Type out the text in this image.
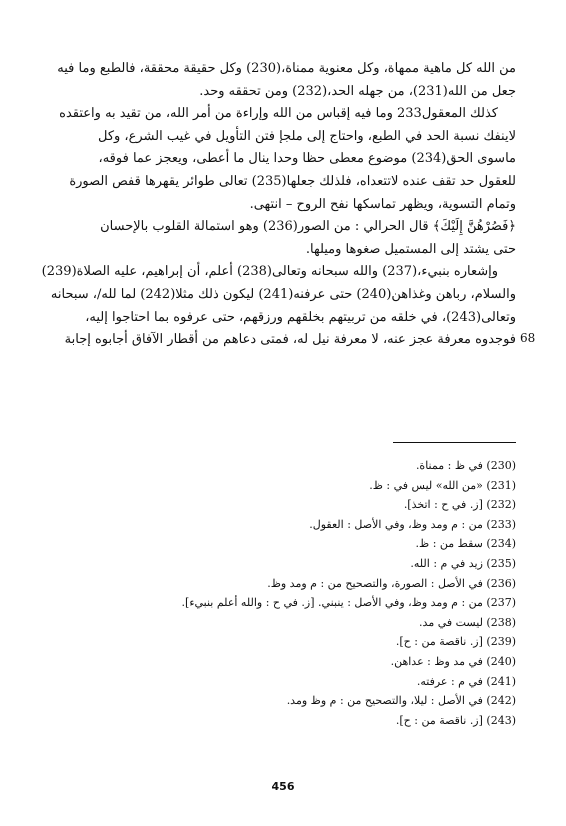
من الله كل ماهية ممهاة، وكل معنوية ممناة،(230) وكل حقيقة محققة، فالطبع وما فيه
جعل من الله(231)، من جهله الحد،(232) ومن تحققه وحد.
كذلك المعقول233 وما فيه إقباس من الله وإراءة من أمر الله، من تقيد به واعتقده
لاينفك نسبة الحد في الطبع، واحتاج إلى ملجإ فتن التأويل في غيب الشرع، وكل
ماسوى الحق(234) موضوع معطى حظا وحدا ينال ما أعطى، ويعجز عما فوقه،
للعقول حد تقف عنده لاتتعداه، فلذلك جعلها(235) تعالى طوائر يقهرها قفص الصورة
وتمام التسوية، ويظهر تماسكها نفح الروح – انتهى.
﴿فَصُرْهُنَّ إِلَيْكَ﴾ قال الحرالي : من الصور(236) وهو استمالة القلوب بالإحسان
حتى يشتد إلى المستميل صغوها وميلها.
وإشعاره بنبيء،(237) والله سبحانه وتعالى(238) أعلم، أن إبراهيم، عليه الصلاة(239)
والسلام، رباهن وغذاهن(240) حتى عرفنه(241) ليكون ذلك مثلا(242) لما لله/، سبحانه
وتعالى(243)، في خلقه من تربيتهم بخلقهم ورزقهم، حتى عرفوه بما احتاجوا إليه،
فوجدوه معرفة عجز عنه، لا معرفة نيل له، فمتى دعاهم من أقطار الآفاق أجابوه إجابة 68
(230) في ظ : ممناة.
(231) «من الله» ليس في : ظ.
(232) [ز. في ح : اتخذ].
(233) من : م ومد وظ، وفي الأصل : العقول.
(234) سقط من : ظ.
(235) زيد في م : الله.
(236) في الأصل : الصورة، والتصحيح من : م ومد وظ.
(237) من : م ومد وظ، وفي الأصل : ينبني. [ز. في ح : والله أعلم بنبيء].
(238) ليست في مد.
(239) [ز. ناقصة من : ح].
(240) في مد وظ : عداهن.
(241) في م : عرفته.
(242) في الأصل : ليلا، والتصحيح من : م وظ ومد.
(243) [ز. ناقصة من : ح].
456
